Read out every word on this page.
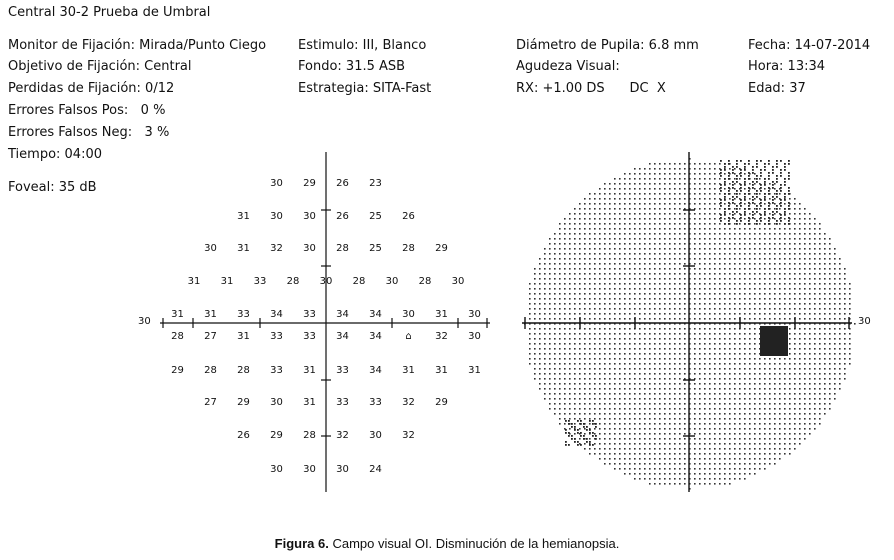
Central 30-2 Prueba de Umbral
Monitor de Fijación: Mirada/Punto Ciego
Objetivo de Fijación: Central
Perdidas de Fijación: 0/12
Errores Falsos Pos:   0 %
Errores Falsos Neg:   3 %
Tiempo: 04:00
Estimulo: III, Blanco
Fondo: 31.5 ASB
Estrategia: SITA-Fast
Diámetro de Pupila: 6.8 mm
Agudeza Visual:
RX: +1.00 DS      DC  X
Fecha: 14-07-2014
Hora: 13:34
Edad: 37
Foveal: 35 dB
30
30	29	26	23
31	30	30	26	25	26
30	31	32	30	28	25	28	29
31	31	33	28	30	28	30	28	30
31	31	33	34	33	34	34	30	31	30
28	27	31	33	33	34	34	⌂	32	30
29	28	28	33	31	33	34	31	31	31
27	29	30	31	33	33	32	29
26	29	28	32	30	32
30	30	30	24
30
Figura 6. Campo visual OI. Disminución de la hemianopsia.
